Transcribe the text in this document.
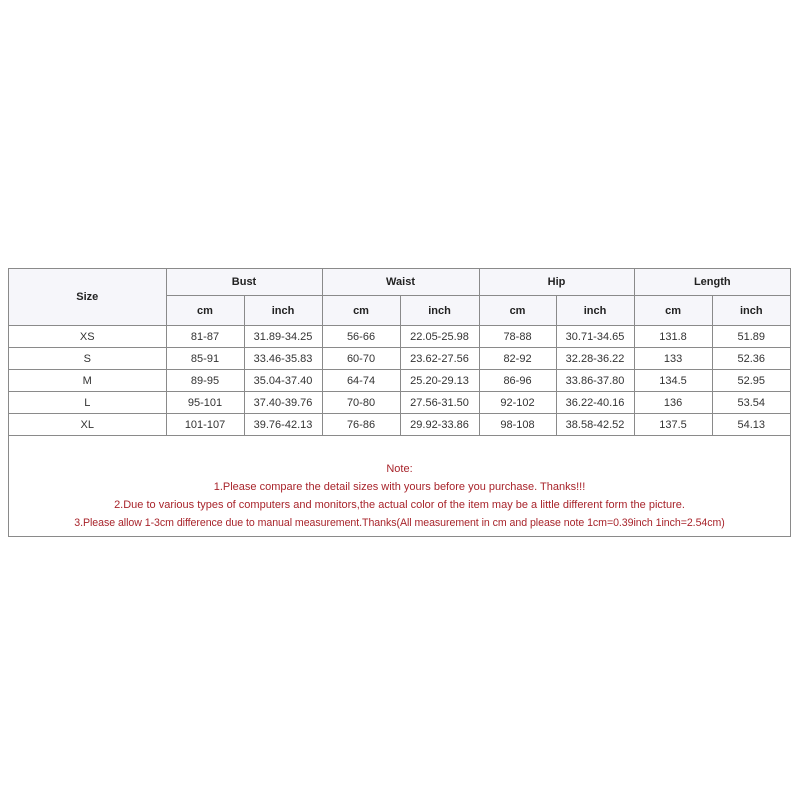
Size	Bust		Waist		Hip		Length	
	cm	inch	cm	inch	cm	inch	cm	inch
XS	81-87	31.89-34.25	56-66	22.05-25.98	78-88	30.71-34.65	131.8	51.89
S	85-91	33.46-35.83	60-70	23.62-27.56	82-92	32.28-36.22	133	52.36
M	89-95	35.04-37.40	64-74	25.20-29.13	86-96	33.86-37.80	134.5	52.95
L	95-101	37.40-39.76	70-80	27.56-31.50	92-102	36.22-40.16	136	53.54
XL	101-107	39.76-42.13	76-86	29.92-33.86	98-108	38.58-42.52	137.5	54.13
Note:
1.Please compare the detail sizes with yours before you purchase. Thanks!!!
2.Due to various types of computers and monitors,the actual color of the item may be a little different form the picture.
3.Please allow 1-3cm difference due to manual measurement.Thanks(All measurement in cm and please note 1cm=0.39inch 1inch=2.54cm)
